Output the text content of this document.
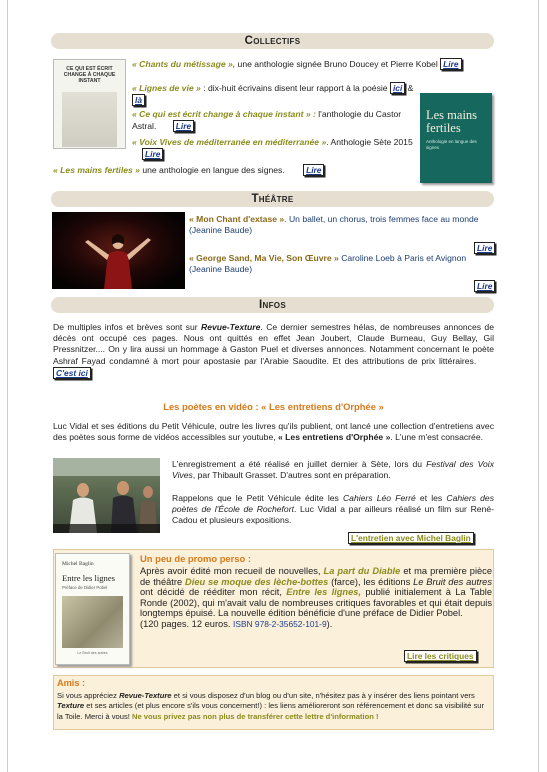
Collectifs
CE QUI EST ÉCRIT CHANGE À CHAQUE INSTANT
« Chants du métissage », une anthologie signée Bruno Doucey et Pierre Kobel Lire
« Lignes de vie » : dix-huit écrivains disent leur rapport à la poésie ici & là
« Ce qui est écrit change à chaque instant » : l'anthologie du Castor Astral. Lire
« Voix Vives de méditerranée en méditerranée ». Anthologie Sète 2015 Lire
« Les mains fertiles » une anthologie en langue des signes.	Lire
Les mains fertiles
Anthologie en langue des signes
Théâtre
« Mon Chant d'extase ». Un ballet, un chorus, trois femmes face au monde (Jeanine Baude)
Lire
« George Sand, Ma Vie, Son Œuvre » Caroline Loeb à Paris et Avignon (Jeanine Baude)
Lire
Infos
De multiples infos et brèves sont sur Revue-Texture. Ce dernier semestres hélas, de nombreuses annonces de décès ont occupé ces pages. Nous ont quittés en effet Jean Joubert, Claude Burneau, Guy Bellay, Gil Pressnitzer.... On y lira aussi un hommage à Gaston Puel et diverses annonces. Notamment concernant le poète Ashraf Fayad condamné à mort pour apostasie par l'Arabie Saoudite. Et des attributions de prix littéraires. C'est ici
Les poètes en vidéo : « Les entretiens d'Orphée »
Luc Vidal et ses éditions du Petit Véhicule, outre les livres qu'ils publient, ont lancé une collection d'entretiens avec des poètes sous forme de vidéos accessibles sur youtube, « Les entretiens d'Orphée ». L'une m'est consacrée.
L'enregistrement a été réalisé en juillet dernier à Sète, lors du Festival des Voix Vives, par Thibault Grasset. D'autres sont en préparation.
Rappelons que le Petit Véhicule édite les Cahiers Léo Ferré et les Cahiers des poètes de l'École de Rochefort. Luc Vidal a par ailleurs réalisé un film sur René-Cadou et plusieurs expositions.
L'entretien avec Michel Baglin
Michel Baglin
Entre les lignes
Préface de Didier Pobel
Le Bruit des autres
Un peu de promo perso :
Après avoir édité mon recueil de nouvelles, La part du Diable et ma première pièce de théâtre Dieu se moque des lèche-bottes (farce), les éditions Le Bruit des autres ont décidé de rééditer mon récit, Entre les lignes, publié initialement à La Table Ronde (2002), qui m'avait valu de nombreuses critiques favorables et qui était depuis longtemps épuisé. La nouvelle édition bénéficie d'une préface de Didier Pobel.
(120 pages. 12 euros. ISBN 978-2-35652-101-9).
Lire les critiques
Amis :
Si vous appréciez Revue-Texture et si vous disposez d'un blog ou d'un site, n'hésitez pas à y insérer des liens pointant vers Texture et ses articles (et plus encore s'ils vous concernent!) : les liens amélioreront son référencement et donc sa visibilité sur la Toile. Merci à vous! Ne vous privez pas non plus de transférer cette lettre d'information !
